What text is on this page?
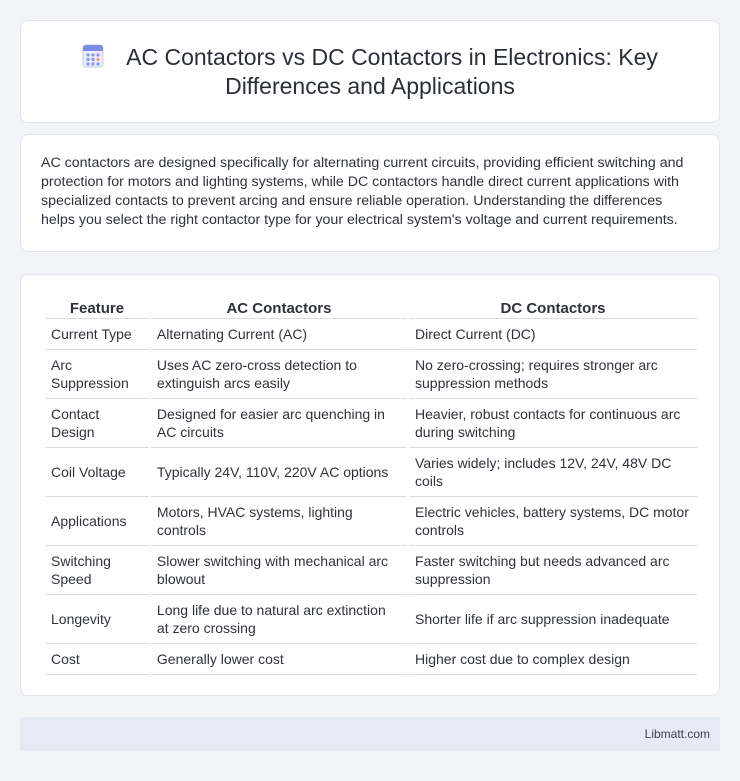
AC Contactors vs DC Contactors in Electronics: Key Differences and Applications

AC contactors are designed specifically for alternating current circuits, providing efficient switching and protection for motors and lighting systems, while DC contactors handle direct current applications with specialized contacts to prevent arcing and ensure reliable operation. Understanding the differences helps you select the right contactor type for your electrical system's voltage and current requirements.

Feature	AC Contactors	DC Contactors
Current Type	Alternating Current (AC)	Direct Current (DC)
Arc Suppression	Uses AC zero-cross detection to extinguish arcs easily	No zero-crossing; requires stronger arc suppression methods
Contact Design	Designed for easier arc quenching in AC circuits	Heavier, robust contacts for continuous arc during switching
Coil Voltage	Typically 24V, 110V, 220V AC options	Varies widely; includes 12V, 24V, 48V DC coils
Applications	Motors, HVAC systems, lighting controls	Electric vehicles, battery systems, DC motor controls
Switching Speed	Slower switching with mechanical arc blowout	Faster switching but needs advanced arc suppression
Longevity	Long life due to natural arc extinction at zero crossing	Shorter life if arc suppression inadequate
Cost	Generally lower cost	Higher cost due to complex design
Libmatt.com
